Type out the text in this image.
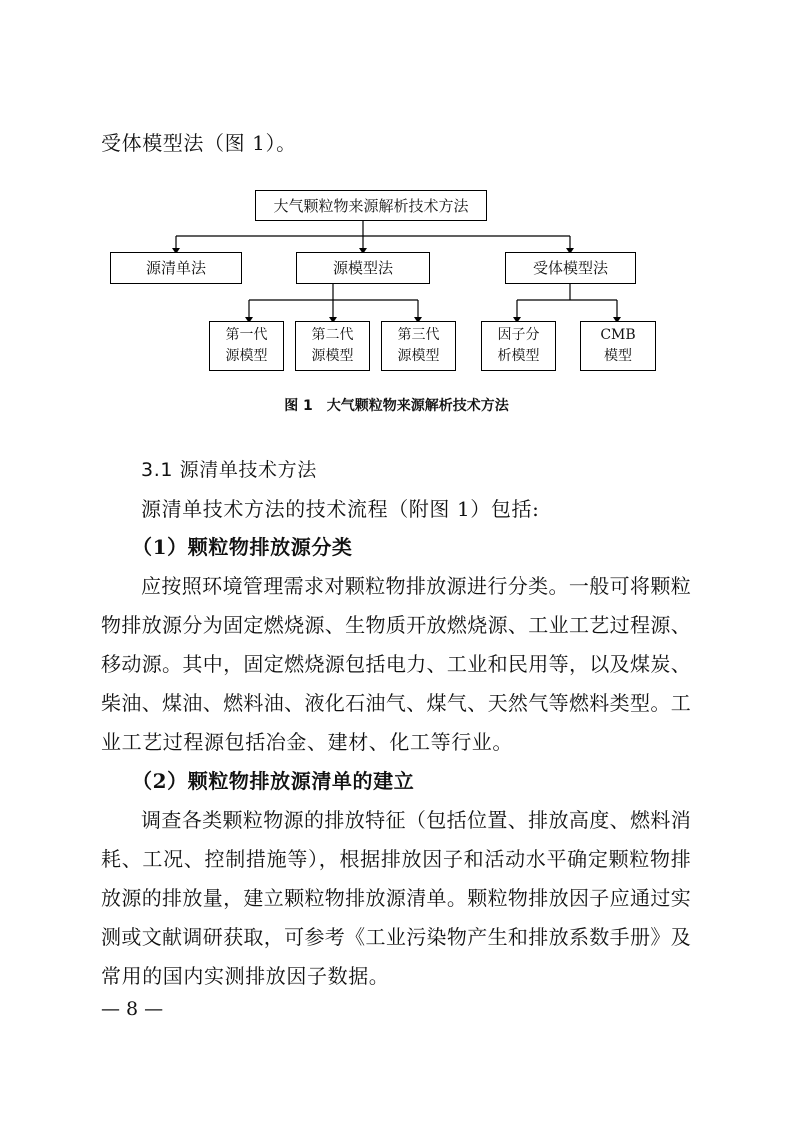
受体模型法（图 1）。
大气颗粒物来源解析技术方法
源清单法	源模型法	受体模型法
第一代
源模型
第二代
源模型
第三代
源模型
因子分
析模型
CMB
模型
图 1　大气颗粒物来源解析技术方法
3.1 源清单技术方法
源清单技术方法的技术流程（附图 1）包括:
（1）颗粒物排放源分类
应按照环境管理需求对颗粒物排放源进行分类。一般可将颗粒
物排放源分为固定燃烧源、生物质开放燃烧源、工业工艺过程源、
移动源。其中，固定燃烧源包括电力、工业和民用等，以及煤炭、
柴油、煤油、燃料油、液化石油气、煤气、天然气等燃料类型。工
业工艺过程源包括冶金、建材、化工等行业。
（2）颗粒物排放源清单的建立
调查各类颗粒物源的排放特征（包括位置、排放高度、燃料消
耗、工况、控制措施等），根据排放因子和活动水平确定颗粒物排
放源的排放量，建立颗粒物排放源清单。颗粒物排放因子应通过实
测或文献调研获取，可参考《工业污染物产生和排放系数手册》及
常用的国内实测排放因子数据。
— 8 —
